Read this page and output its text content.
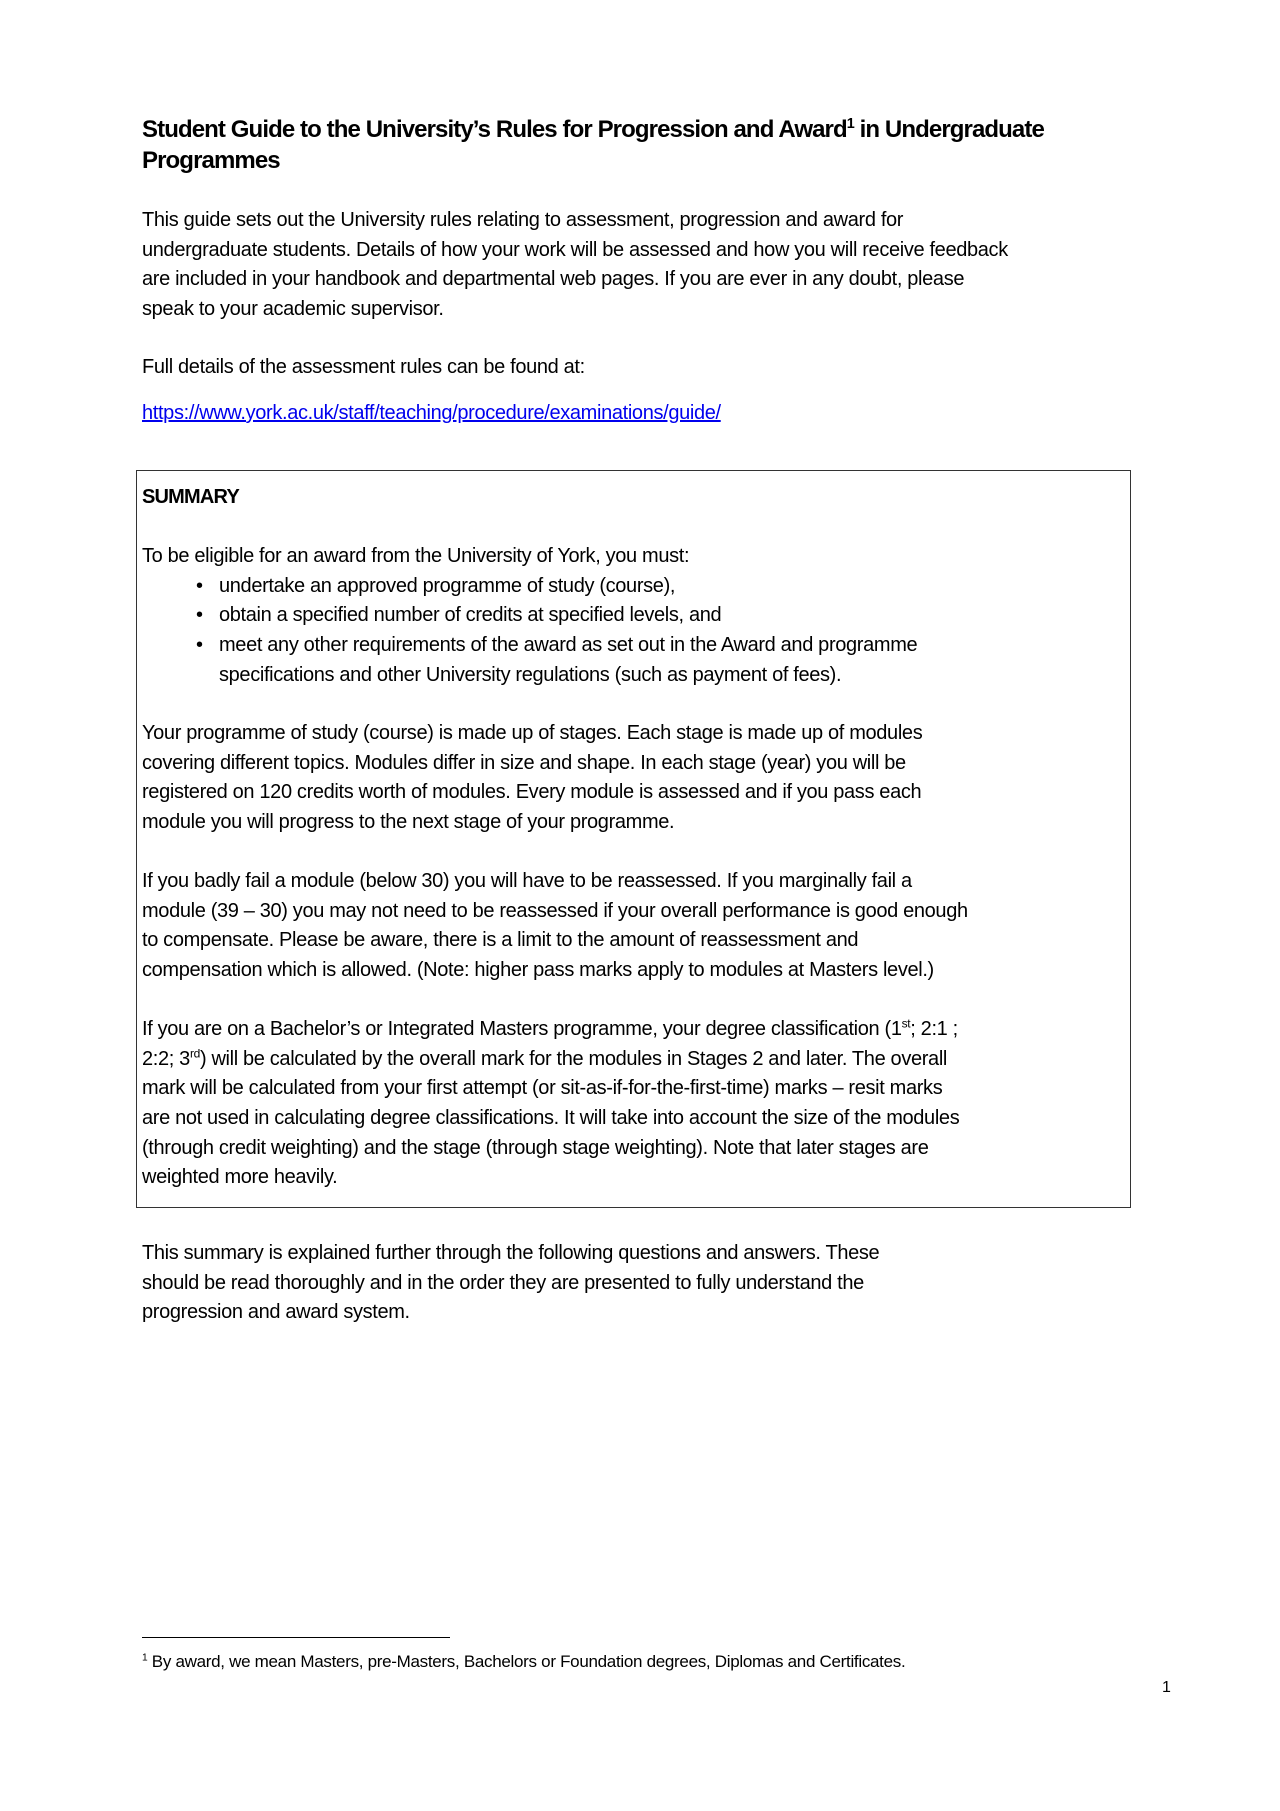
Student Guide to the University’s Rules for Progression and Award$^1$ in Undergraduate
Programmes
This guide sets out the University rules relating to assessment, progression and award for
undergraduate students. Details of how your work will be assessed and how you will receive feedback
are included in your handbook and departmental web pages. If you are ever in any doubt, please
speak to your academic supervisor.
Full details of the assessment rules can be found at:
https://www.york.ac.uk/staff/teaching/procedure/examinations/guide/
SUMMARY
To be eligible for an award from the University of York, you must:
• undertake an approved programme of study (course),
• obtain a specified number of credits at specified levels, and
• meet any other requirements of the award as set out in the Award and programme
specifications and other University regulations (such as payment of fees).
Your programme of study (course) is made up of stages. Each stage is made up of modules
covering different topics. Modules differ in size and shape. In each stage (year) you will be
registered on 120 credits worth of modules. Every module is assessed and if you pass each
module you will progress to the next stage of your programme.
If you badly fail a module (below 30) you will have to be reassessed. If you marginally fail a
module (39 – 30) you may not need to be reassessed if your overall performance is good enough
to compensate. Please be aware, there is a limit to the amount of reassessment and
compensation which is allowed. (Note: higher pass marks apply to modules at Masters level.)
If you are on a Bachelor’s or Integrated Masters programme, your degree classification (1st; 2:1 ;
2:2; 3rd) will be calculated by the overall mark for the modules in Stages 2 and later. The overall
mark will be calculated from your first attempt (or sit-as-if-for-the-first-time) marks – resit marks
are not used in calculating degree classifications. It will take into account the size of the modules
(through credit weighting) and the stage (through stage weighting). Note that later stages are
weighted more heavily.
This summary is explained further through the following questions and answers. These
should be read thoroughly and in the order they are presented to fully understand the
progression and award system.
$^1$ By award, we mean Masters, pre-Masters, Bachelors or Foundation degrees, Diplomas and Certificates.
1
